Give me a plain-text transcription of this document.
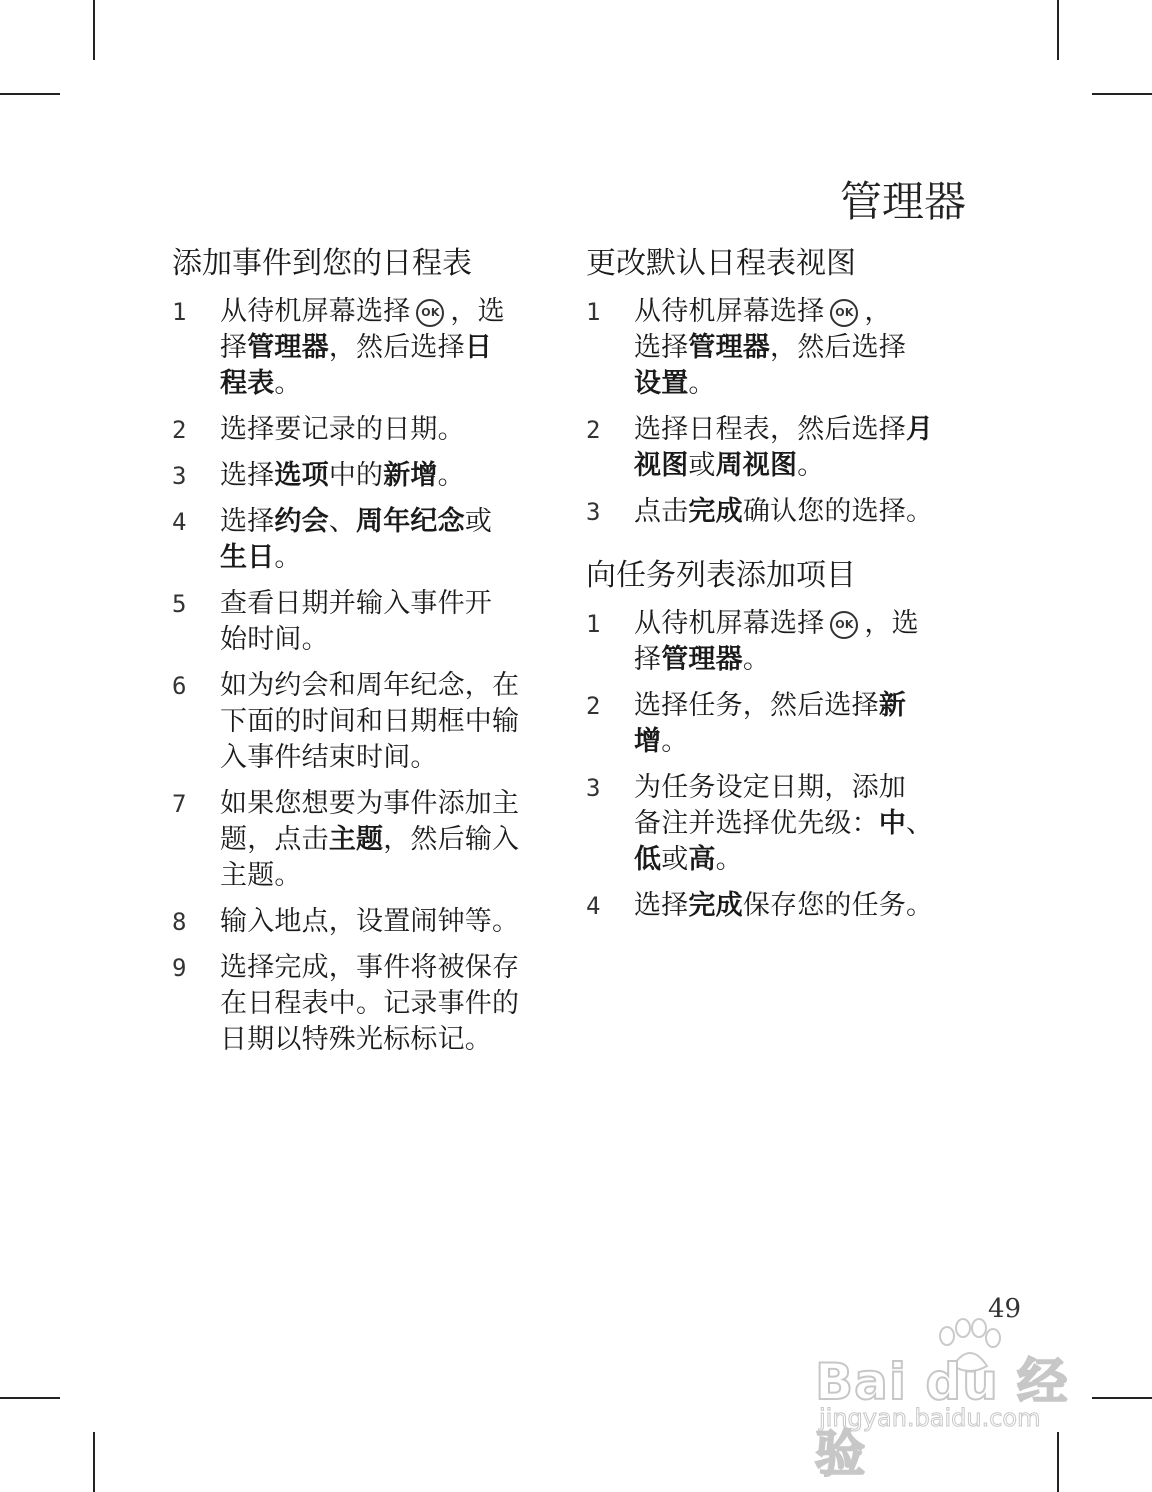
管理器
添加事件到您的日程表
1 从待机屏幕选择 OK ，选
择管理器，然后选择日
程表。
2 选择要记录的日期。
3 选择选项中的新增。
4 选择约会、周年纪念或
生日。
5 查看日期并输入事件开
始时间。
6 如为约会和周年纪念，在
下面的时间和日期框中输
入事件结束时间。
7 如果您想要为事件添加主
题，点击主题，然后输入
主题。
8 输入地点，设置闹钟等。
9 选择完成，事件将被保存
在日程表中。记录事件的
日期以特殊光标标记。
更改默认日程表视图
1 从待机屏幕选择 OK ，
选择管理器，然后选择
设置。
2 选择日程表，然后选择月
视图或周视图。
3 点击完成确认您的选择。
向任务列表添加项目
1 从待机屏幕选择 OK ，选
择管理器。
2 选择任务，然后选择新
增。
3 为任务设定日期，添加
备注并选择优先级：中、
低或高。
4 选择完成保存您的任务。
49
Bai du 经验
jingyan.baidu.com
